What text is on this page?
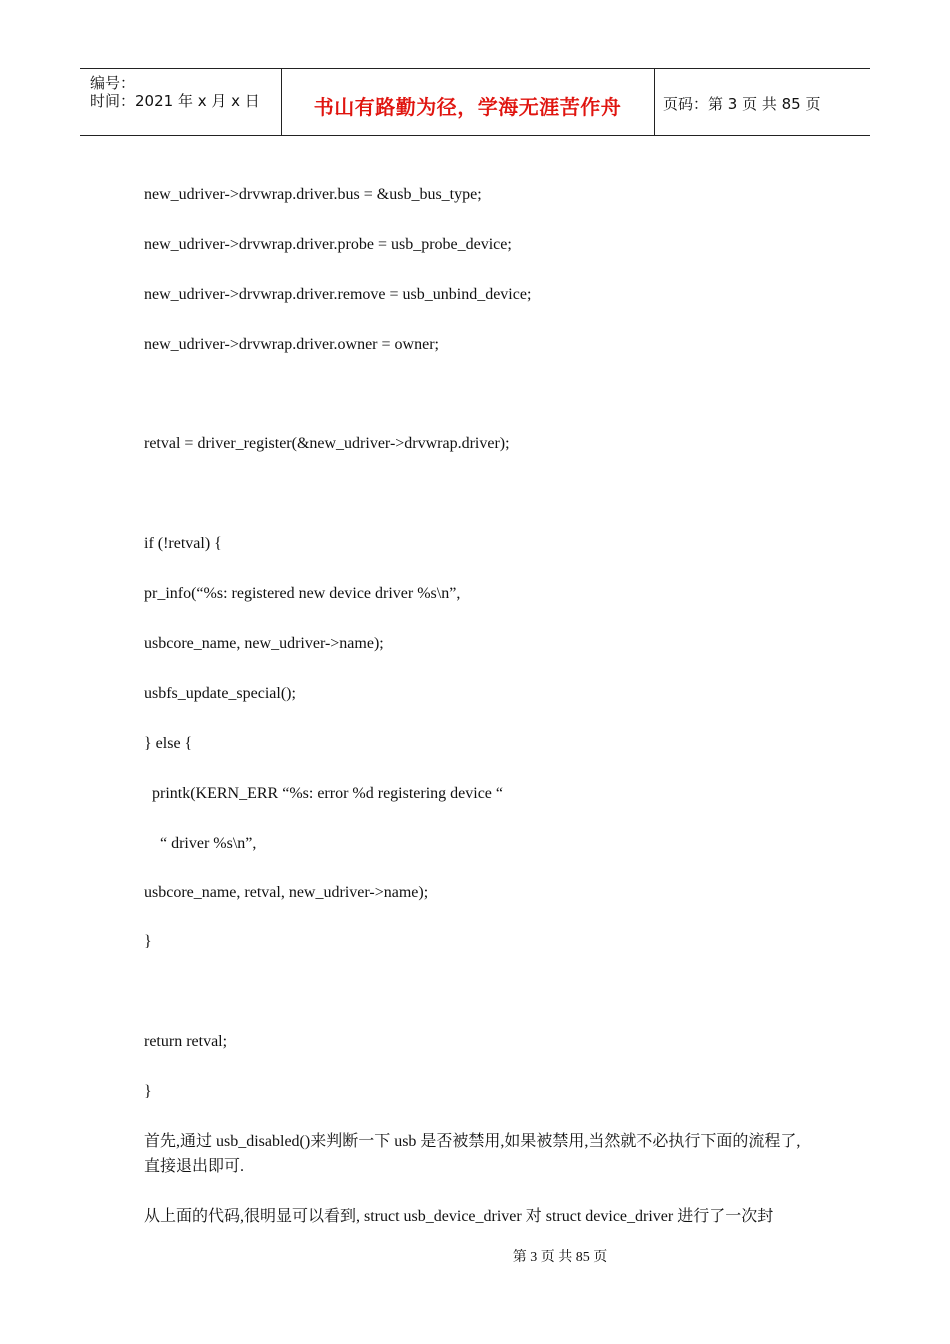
编号：
时间：2021 年 x 月 x 日	书山有路勤为径，学海无涯苦作舟	页码：第 3 页 共 85 页
new_udriver->drvwrap.driver.bus = &usb_bus_type;
new_udriver->drvwrap.driver.probe = usb_probe_device;
new_udriver->drvwrap.driver.remove = usb_unbind_device;
new_udriver->drvwrap.driver.owner = owner;
retval = driver_register(&new_udriver->drvwrap.driver);
if (!retval) {
pr_info(“%s: registered new device driver %s\n”,
usbcore_name, new_udriver->name);
usbfs_update_special();
} else {
printk(KERN_ERR “%s: error %d registering device “
“ driver %s\n”,
usbcore_name, retval, new_udriver->name);
}
return retval;
}
首先,通过 usb_disabled()来判断一下 usb 是否被禁用,如果被禁用,当然就不必执行下面的流程了,直接退出即可.
从上面的代码,很明显可以看到, struct usb_device_driver 对 struct device_driver 进行了一次封
第 3 页 共 85 页
